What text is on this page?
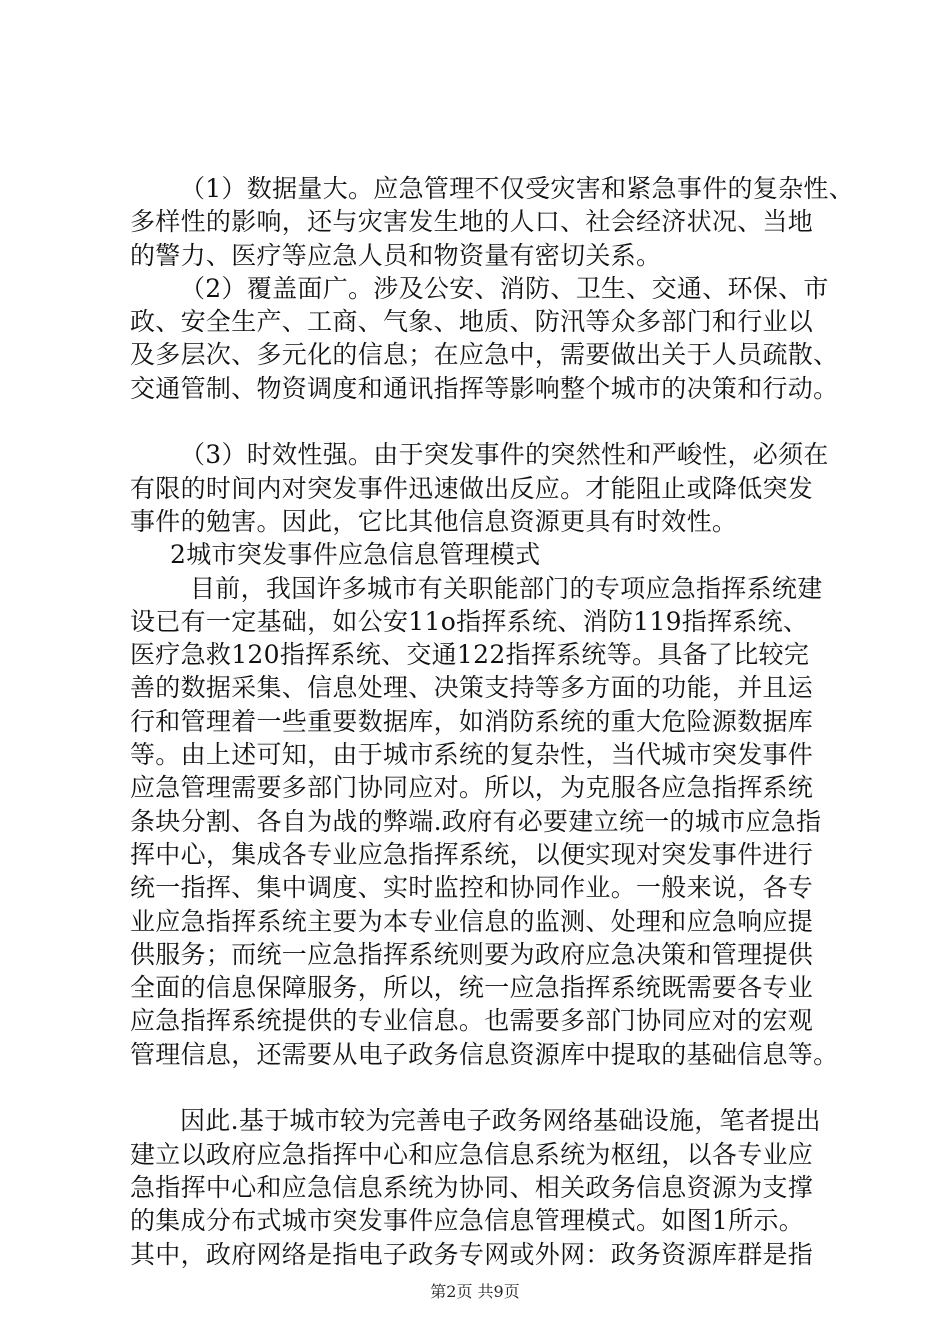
（1）数据量大。应急管理不仅受灾害和紧急事件的复杂性、
多样性的影响，还与灾害发生地的人口、社会经济状况、当地
的警力、医疗等应急人员和物资量有密切关系。
（2）覆盖面广。涉及公安、消防、卫生、交通、环保、市
政、安全生产、工商、气象、地质、防汛等众多部门和行业以
及多层次、多元化的信息；在应急中，需要做出关于人员疏散、
交通管制、物资调度和通讯指挥等影响整个城市的决策和行动。
（3）时效性强。由于突发事件的突然性和严峻性，必须在
有限的时间内对突发事件迅速做出反应。才能阻止或降低突发
事件的勉害。因此，它比其他信息资源更具有时效性。
2城市突发事件应急信息管理模式
目前，我国许多城市有关职能部门的专项应急指挥系统建
设已有一定基础，如公安11o指挥系统、消防119指挥系统、
医疗急救120指挥系统、交通122指挥系统等。具备了比较完
善的数据采集、信息处理、决策支持等多方面的功能，并且运
行和管理着一些重要数据库，如消防系统的重大危险源数据库
等。由上述可知，由于城市系统的复杂性，当代城市突发事件
应急管理需要多部门协同应对。所以，为克服各应急指挥系统
条块分割、各自为战的弊端.政府有必要建立统一的城市应急指
挥中心，集成各专业应急指挥系统，以便实现对突发事件进行
统一指挥、集中调度、实时监控和协同作业。一般来说，各专
业应急指挥系统主要为本专业信息的监测、处理和应急响应提
供服务；而统一应急指挥系统则要为政府应急决策和管理提供
全面的信息保障服务，所以，统一应急指挥系统既需要各专业
应急指挥系统提供的专业信息。也需要多部门协同应对的宏观
管理信息，还需要从电子政务信息资源库中提取的基础信息等。
因此.基于城市较为完善电子政务网络基础设施，笔者提出
建立以政府应急指挥中心和应急信息系统为枢纽，以各专业应
急指挥中心和应急信息系统为协同、相关政务信息资源为支撑
的集成分布式城市突发事件应急信息管理模式。如图1所示。
其中，政府网络是指电子政务专网或外网：政务资源库群是指
第2页 共9页
